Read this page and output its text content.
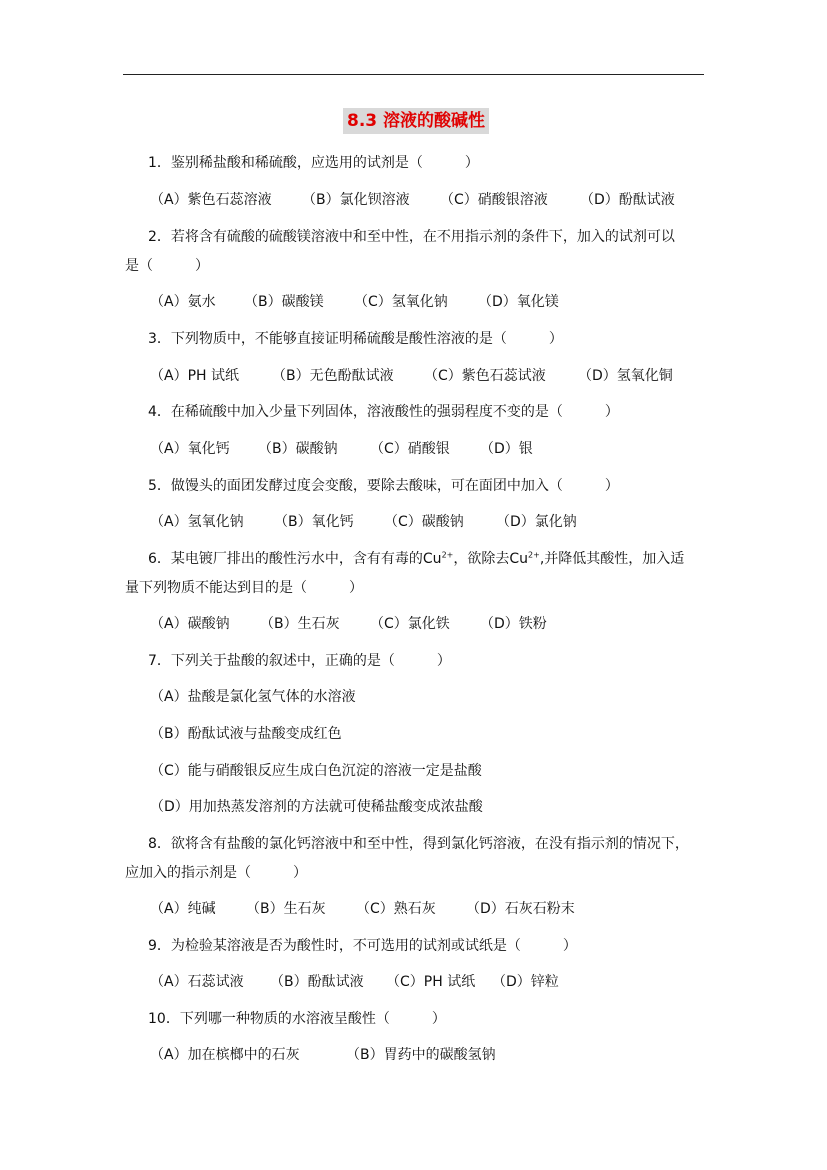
8.3 溶液的酸碱性
1．鉴别稀盐酸和稀硫酸，应选用的试剂是（　　　）
（A）紫色石蕊溶液 （B）氯化钡溶液 （C）硝酸银溶液 （D）酚酞试液
2．若将含有硫酸的硫酸镁溶液中和至中性，在不用指示剂的条件下，加入的试剂可以
是（　　　）
（A）氨水 （B）碳酸镁 （C）氢氧化钠 （D）氧化镁
3．下列物质中，不能够直接证明稀硫酸是酸性溶液的是（　　　）
（A）PH 试纸 （B）无色酚酞试液 （C）紫色石蕊试液 （D）氢氧化铜
4．在稀硫酸中加入少量下列固体，溶液酸性的强弱程度不变的是（　　　）
（A）氧化钙 （B）碳酸钠 （C）硝酸银 （D）银
5．做馒头的面团发酵过度会变酸，要除去酸味，可在面团中加入（　　　）
（A）氢氧化钠 （B）氧化钙 （C）碳酸钠 （D）氯化钠
6．某电镀厂排出的酸性污水中，含有有毒的$Cu^{2+}$，欲除去$Cu^{2+}$,并降低其酸性，加入适
量下列物质不能达到目的是（　　　）
（A）碳酸钠 （B）生石灰 （C）氯化铁 （D）铁粉
7．下列关于盐酸的叙述中，正确的是（　　　）
（A）盐酸是氯化氢气体的水溶液
（B）酚酞试液与盐酸变成红色
（C）能与硝酸银反应生成白色沉淀的溶液一定是盐酸
（D）用加热蒸发溶剂的方法就可使稀盐酸变成浓盐酸
8．欲将含有盐酸的氯化钙溶液中和至中性，得到氯化钙溶液，在没有指示剂的情况下，
应加入的指示剂是（　　　）
（A）纯碱 （B）生石灰 （C）熟石灰 （D）石灰石粉末
9．为检验某溶液是否为酸性时，不可选用的试剂或试纸是（　　　）
（A）石蕊试液 （B）酚酞试液 （C）PH 试纸 （D）锌粒
10．下列哪一种物质的水溶液呈酸性（　　　）
（A）加在槟榔中的石灰	（B）胃药中的碳酸氢钠
